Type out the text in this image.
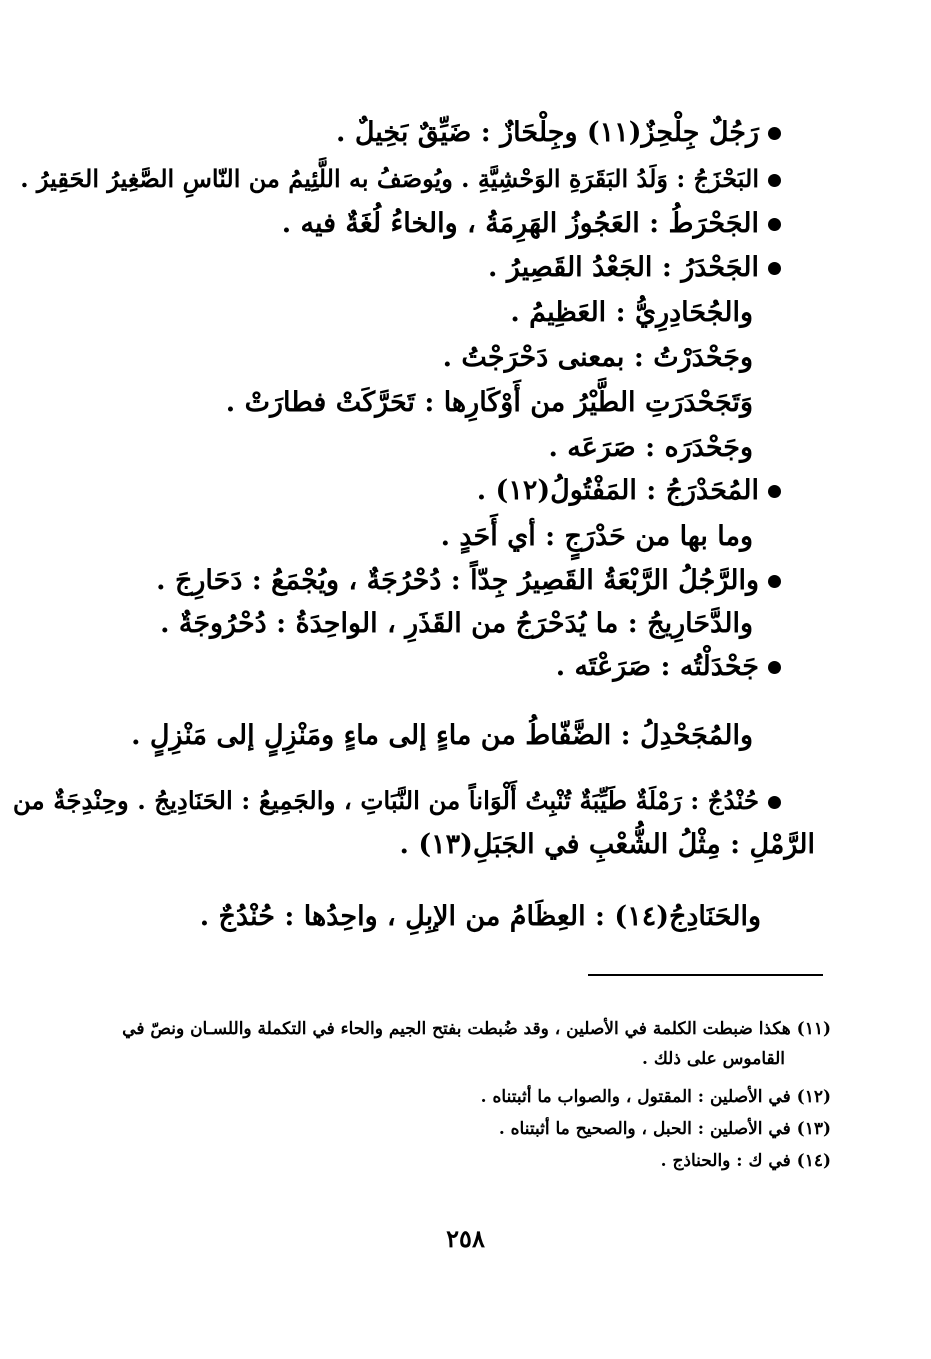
رَجُلٌ جِلْحِزٌ(١١) وجِلْحَازٌ : ضَيِّقٌ بَخِيلٌ .
البَحْزَجُ : وَلَدُ البَقَرَةِ الوَحْشِيَّةِ . ويُوصَفُ به اللَّئِيمُ من النّاسِ الصَّغِيرُ الحَقِيرُ .
الجَحْرَطُ : العَجُوزُ الهَرِمَةُ ، والخاءُ لُغَةٌ فيه .
الجَحْدَرُ : الجَعْدُ القَصِيرُ .
والجُحَادِرِيُّ : العَظِيمُ .
وجَحْدَرْتُ : بمعنى دَحْرَجْتُ .
وَتَجَحْدَرَتِ الطَّيْرُ من أَوْكَارِها : تَحَرَّكَتْ فطارَتْ .
وجَحْدَرَه : صَرَعَه .
المُحَدْرَجُ : المَفْتُولُ(١٢) .
وما بها من حَدْرَجٍ : أي أَحَدٍ .
والرَّجُلُ الرَّبْعَةُ القَصِيرُ جِدّاً : دُحْرُجَةٌ ، ويُجْمَعُ : دَحَارِجَ .
والدَّحَارِيجُ : ما يُدَحْرَجُ من القَذَرِ ، الواحِدَةُ : دُحْرُوجَةٌ .
جَحْدَلْتُه : صَرَعْتَه .
والمُجَحْدِلُ : الضَّفّاطُ من ماءٍ إلى ماءٍ ومَنْزِلٍ إلى مَنْزِلٍ .
حُنْدُجٌ : رَمْلَةٌ طَيِّبَةٌ تُنْبِتُ أَلْوَاناً من النَّبَاتِ ، والجَمِيعُ : الحَنَادِيجُ . وحِنْدِجَةٌ من
الرَّمْلِ : مِثْلُ الشُّعْبِ في الجَبَلِ(١٣) .
والحَنَادِجُ(١٤) : العِظَامُ من الإبِلِ ، واحِدُها : حُنْدُجٌ .
(١١) هكذا ضبطت الكلمة في الأصلين ، وقد ضُبطت بفتح الجيم والحاء في التكملة واللسـان ونصّ في
القاموس على ذلك .
(١٢) في الأصلين : المقتول ، والصواب ما أثبتناه .
(١٣) في الأصلين : الحبل ، والصحيح ما أثبتناه .
(١٤) في ك : والحناذج .
٢٥٨
